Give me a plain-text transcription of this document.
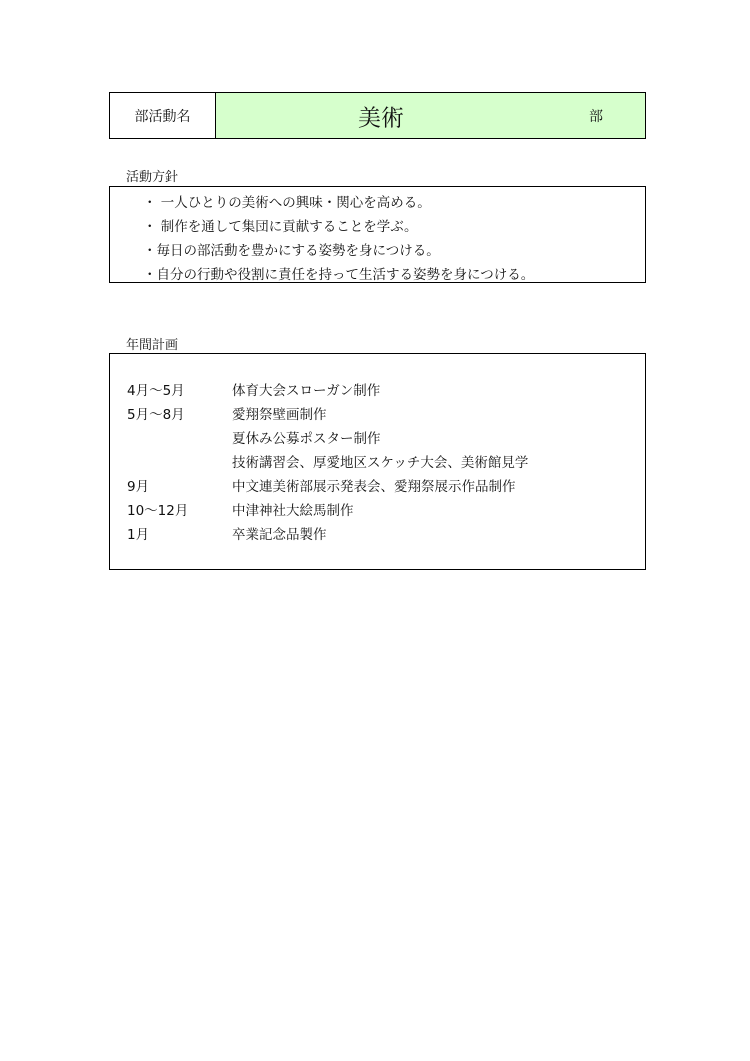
部活動名	美術	部
活動方針
・ 一人ひとりの美術への興味・関心を高める。
・ 制作を通して集団に貢献することを学ぶ。
・毎日の部活動を豊かにする姿勢を身につける。
・自分の行動や役割に責任を持って生活する姿勢を身につける。
年間計画
4月～5月	体育大会スローガン制作
5月～8月	愛翔祭壁画制作
夏休み公募ポスター制作
技術講習会、厚愛地区スケッチ大会、美術館見学
9月	中文連美術部展示発表会、愛翔祭展示作品制作
10～12月	中津神社大絵馬制作
1月	卒業記念品製作
